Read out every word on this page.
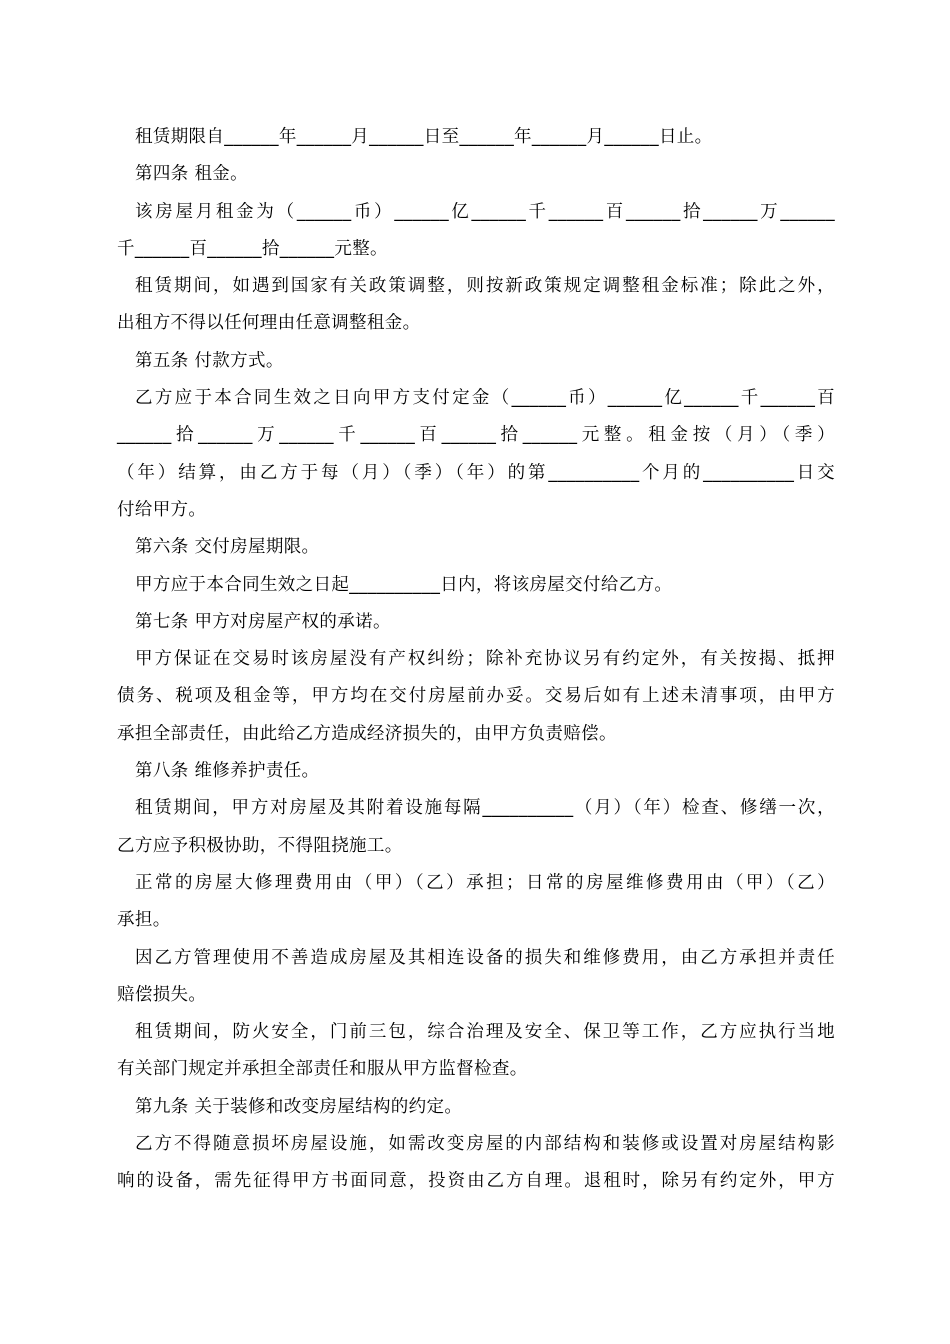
租赁期限自______年______月______日至______年______月______日止。
第四条 租金。
该房屋月租金为（______币）______亿______千______百______拾______万______
千______百______拾______元整。
租赁期间，如遇到国家有关政策调整，则按新政策规定调整租金标准；除此之外，
出租方不得以任何理由任意调整租金。
第五条 付款方式。
乙方应于本合同生效之日向甲方支付定金（______币）______亿______千______百
______拾______万______千______百______拾______元整。租金按（月）（季）
（年）结算，由乙方于每（月）（季）（年）的第__________个月的__________日交
付给甲方。
第六条 交付房屋期限。
甲方应于本合同生效之日起__________日内，将该房屋交付给乙方。
第七条 甲方对房屋产权的承诺。
甲方保证在交易时该房屋没有产权纠纷；除补充协议另有约定外，有关按揭、抵押
债务、税项及租金等，甲方均在交付房屋前办妥。交易后如有上述未清事项，由甲方
承担全部责任，由此给乙方造成经济损失的，由甲方负责赔偿。
第八条 维修养护责任。
租赁期间，甲方对房屋及其附着设施每隔__________（月）（年）检查、修缮一次，
乙方应予积极协助，不得阻挠施工。
正常的房屋大修理费用由（甲）（乙）承担；日常的房屋维修费用由（甲）（乙）
承担。
因乙方管理使用不善造成房屋及其相连设备的损失和维修费用，由乙方承担并责任
赔偿损失。
租赁期间，防火安全，门前三包，综合治理及安全、保卫等工作，乙方应执行当地
有关部门规定并承担全部责任和服从甲方监督检查。
第九条 关于装修和改变房屋结构的约定。
乙方不得随意损坏房屋设施，如需改变房屋的内部结构和装修或设置对房屋结构影
响的设备，需先征得甲方书面同意，投资由乙方自理。退租时，除另有约定外，甲方
